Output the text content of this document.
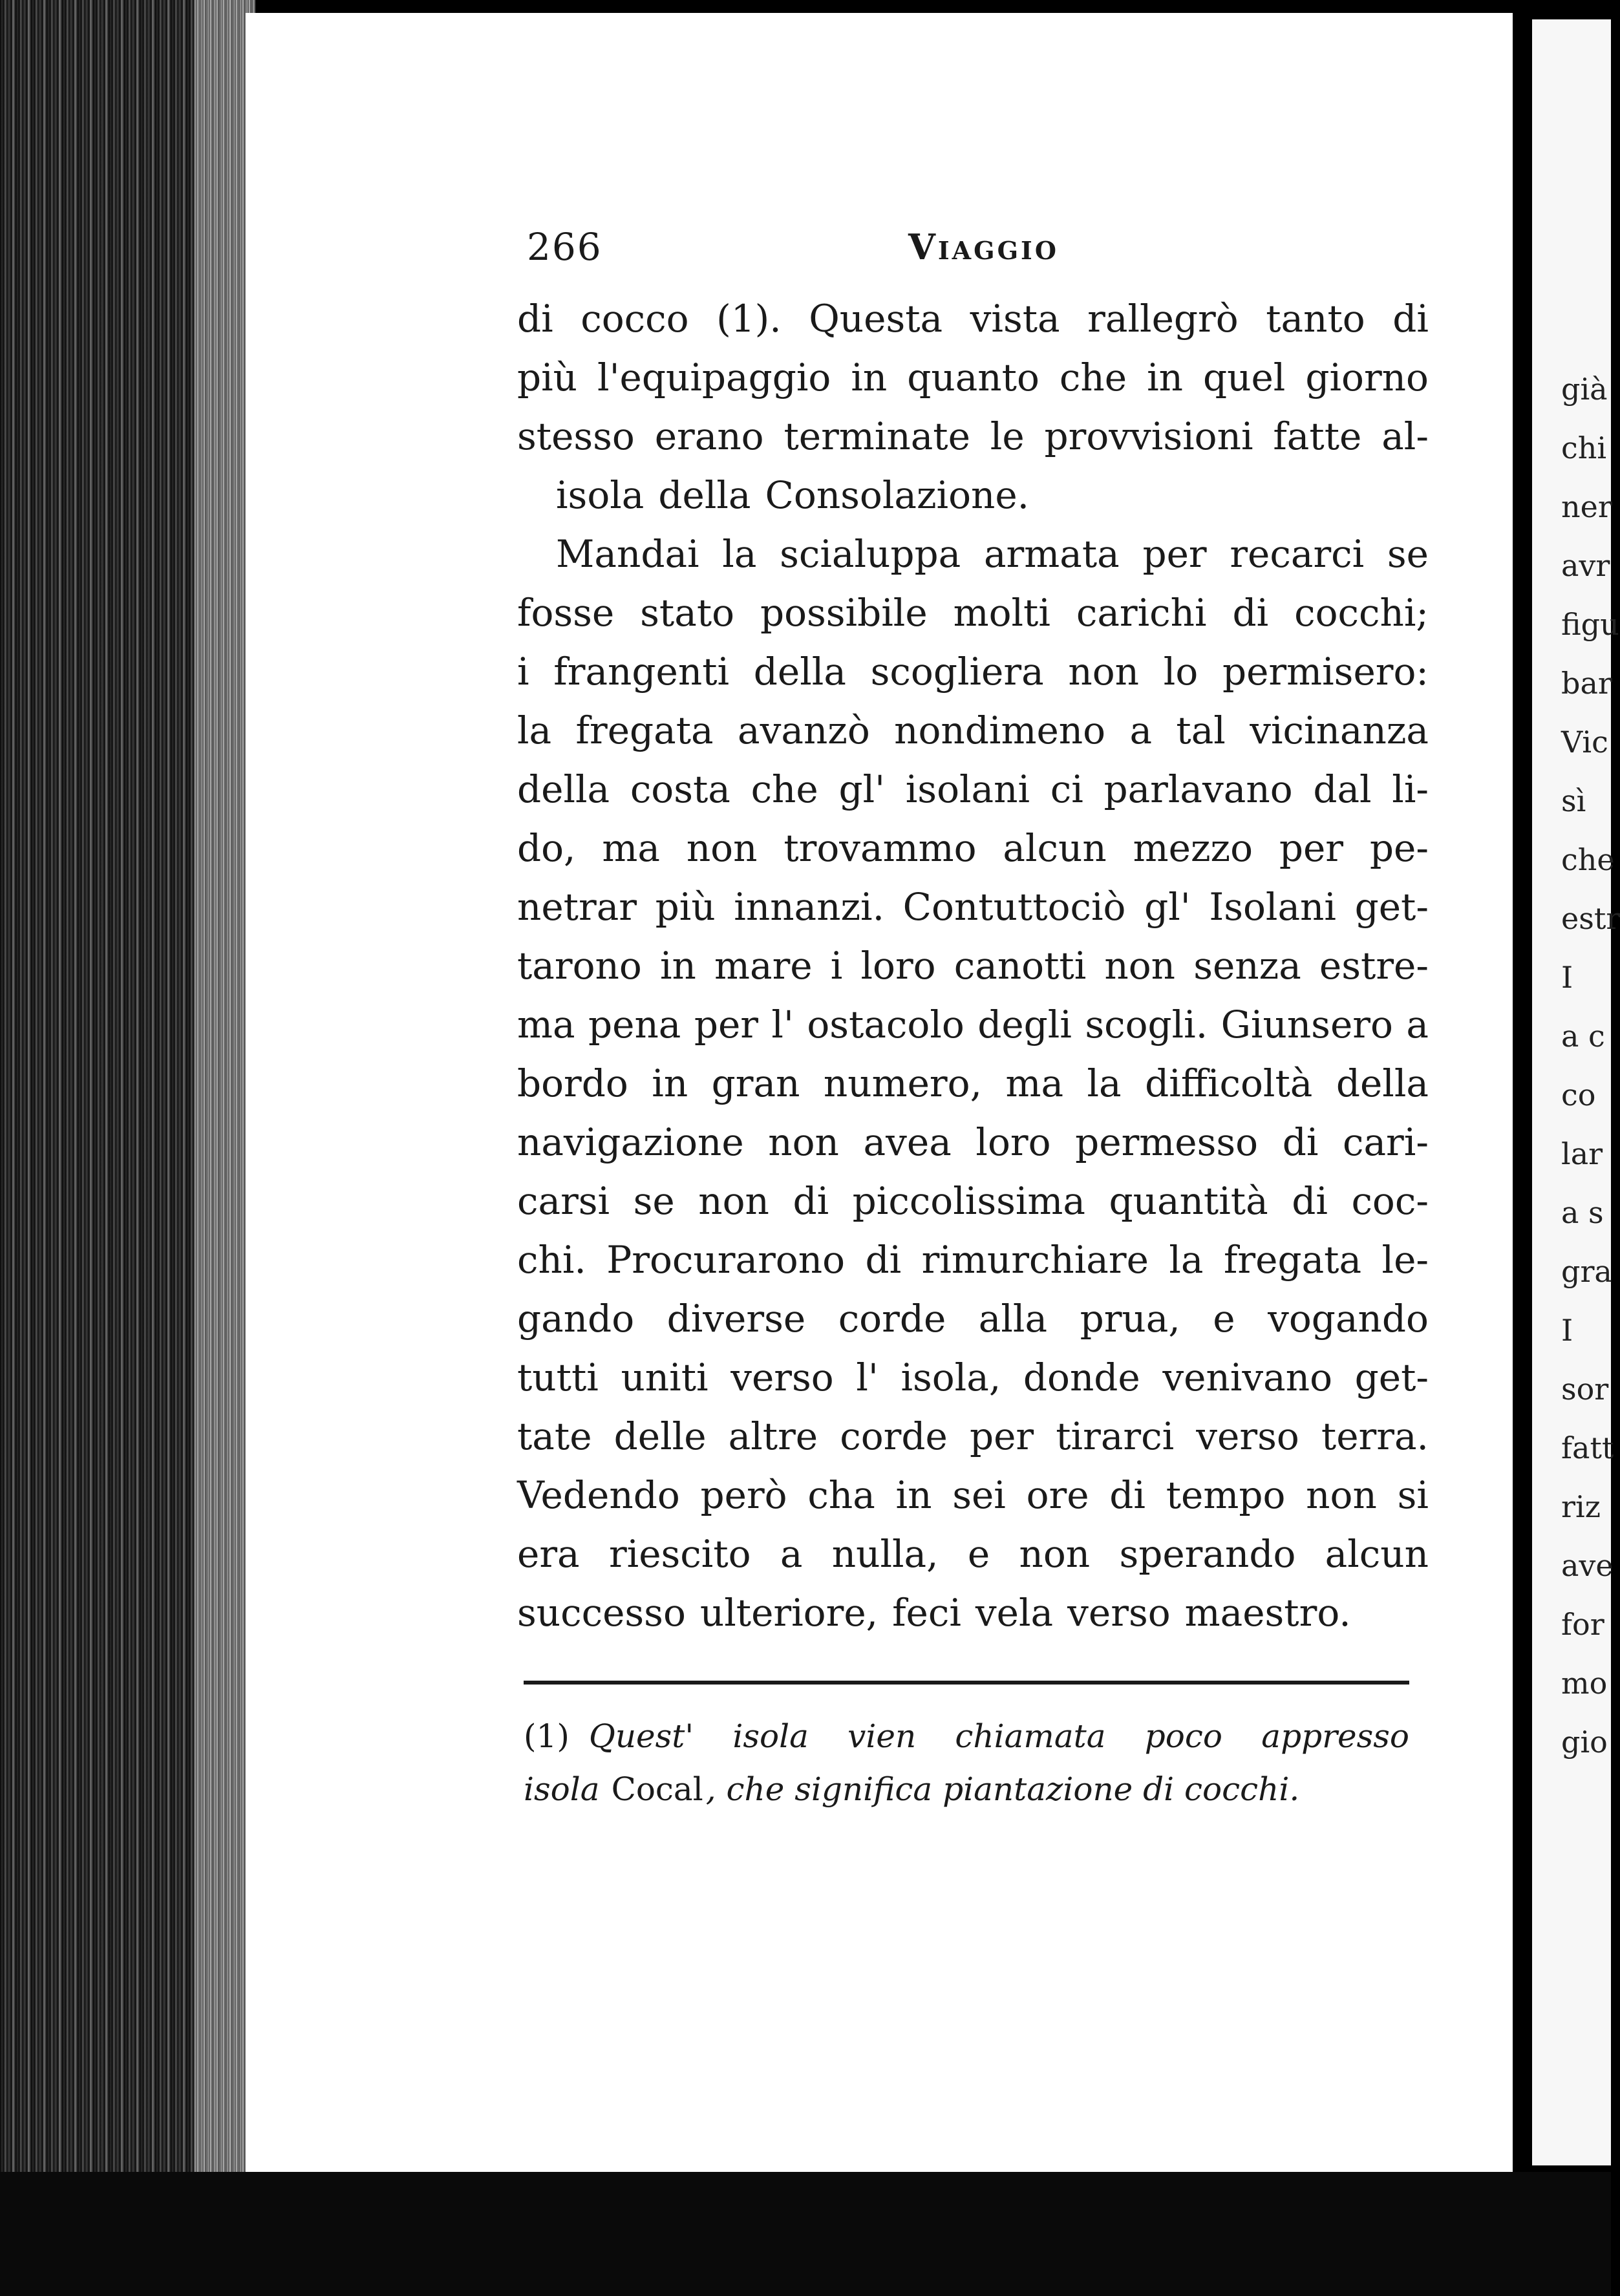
già
chi
ner
avr
figu
bar
Vic
sì
che
estr
I
a c
co
lar
a s
gra
I
sor
fatt
riz
ave
for
mo
gio
266	Viaggio
di cocco (1). Questa vista rallegrò tanto di
più l'equipaggio in quanto che in quel giorno
stesso erano terminate le provvisioni fatte al-
isola della Consolazione.
Mandai la scialuppa armata per recarci se
fosse stato possibile molti carichi di cocchi;
i frangenti della scogliera non lo permisero:
la fregata avanzò nondimeno a tal vicinanza
della costa che gl' isolani ci parlavano dal li-
do, ma non trovammo alcun mezzo per pe-
netrar più innanzi. Contuttociò gl' Isolani get-
tarono in mare i loro canotti non senza estre-
ma pena per l' ostacolo degli scogli. Giunsero a
bordo in gran numero, ma la difficoltà della
navigazione non avea loro permesso di cari-
carsi se non di piccolissima quantità di coc-
chi. Procurarono di rimurchiare la fregata le-
gando diverse corde alla prua, e vogando
tutti uniti verso l' isola, donde venivano get-
tate delle altre corde per tirarci verso terra.
Vedendo però cha in sei ore di tempo non si
era riescito a nulla, e non sperando alcun
successo ulteriore, feci vela verso maestro.
(1) Quest' isola vien chiamata poco appresso
isola Cocal , che significa piantazione di cocchi.
